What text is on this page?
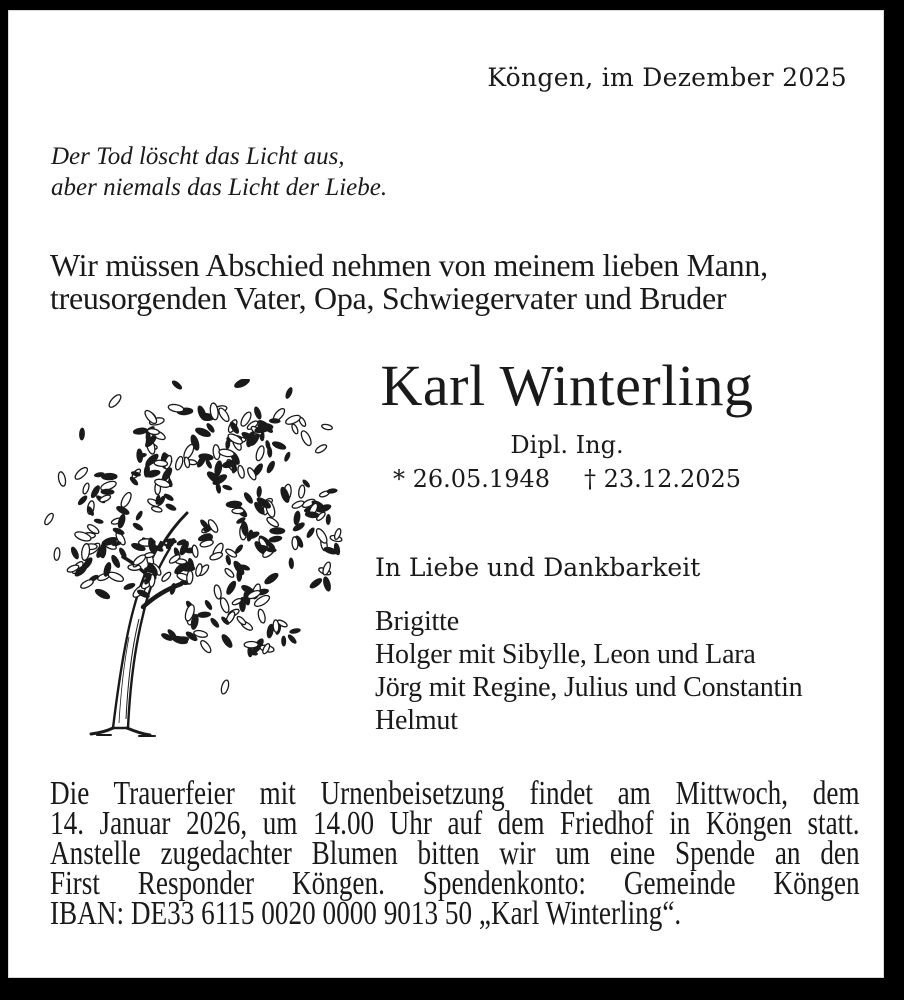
Köngen, im Dezember 2025
Der Tod löscht das Licht aus,
aber niemals das Licht der Liebe.
Wir müssen Abschied nehmen von meinem lieben Mann,
treusorgenden Vater, Opa, Schwiegervater und Bruder
Karl Winterling
Dipl. Ing.
* 26.05.1948 † 23.12.2025
In Liebe und Dankbarkeit
Brigitte
Holger mit Sibylle, Leon und Lara
Jörg mit Regine, Julius und Constantin
Helmut
Die Trauerfeier mit Urnenbeisetzung findet am Mittwoch, dem
14. Januar 2026, um 14.00 Uhr auf dem Friedhof in Köngen statt.
Anstelle zugedachter Blumen bitten wir um eine Spende an den
First Responder Köngen. Spendenkonto: Gemeinde Köngen
IBAN: DE33 6115 0020 0000 9013 50 „Karl Winterling“.
